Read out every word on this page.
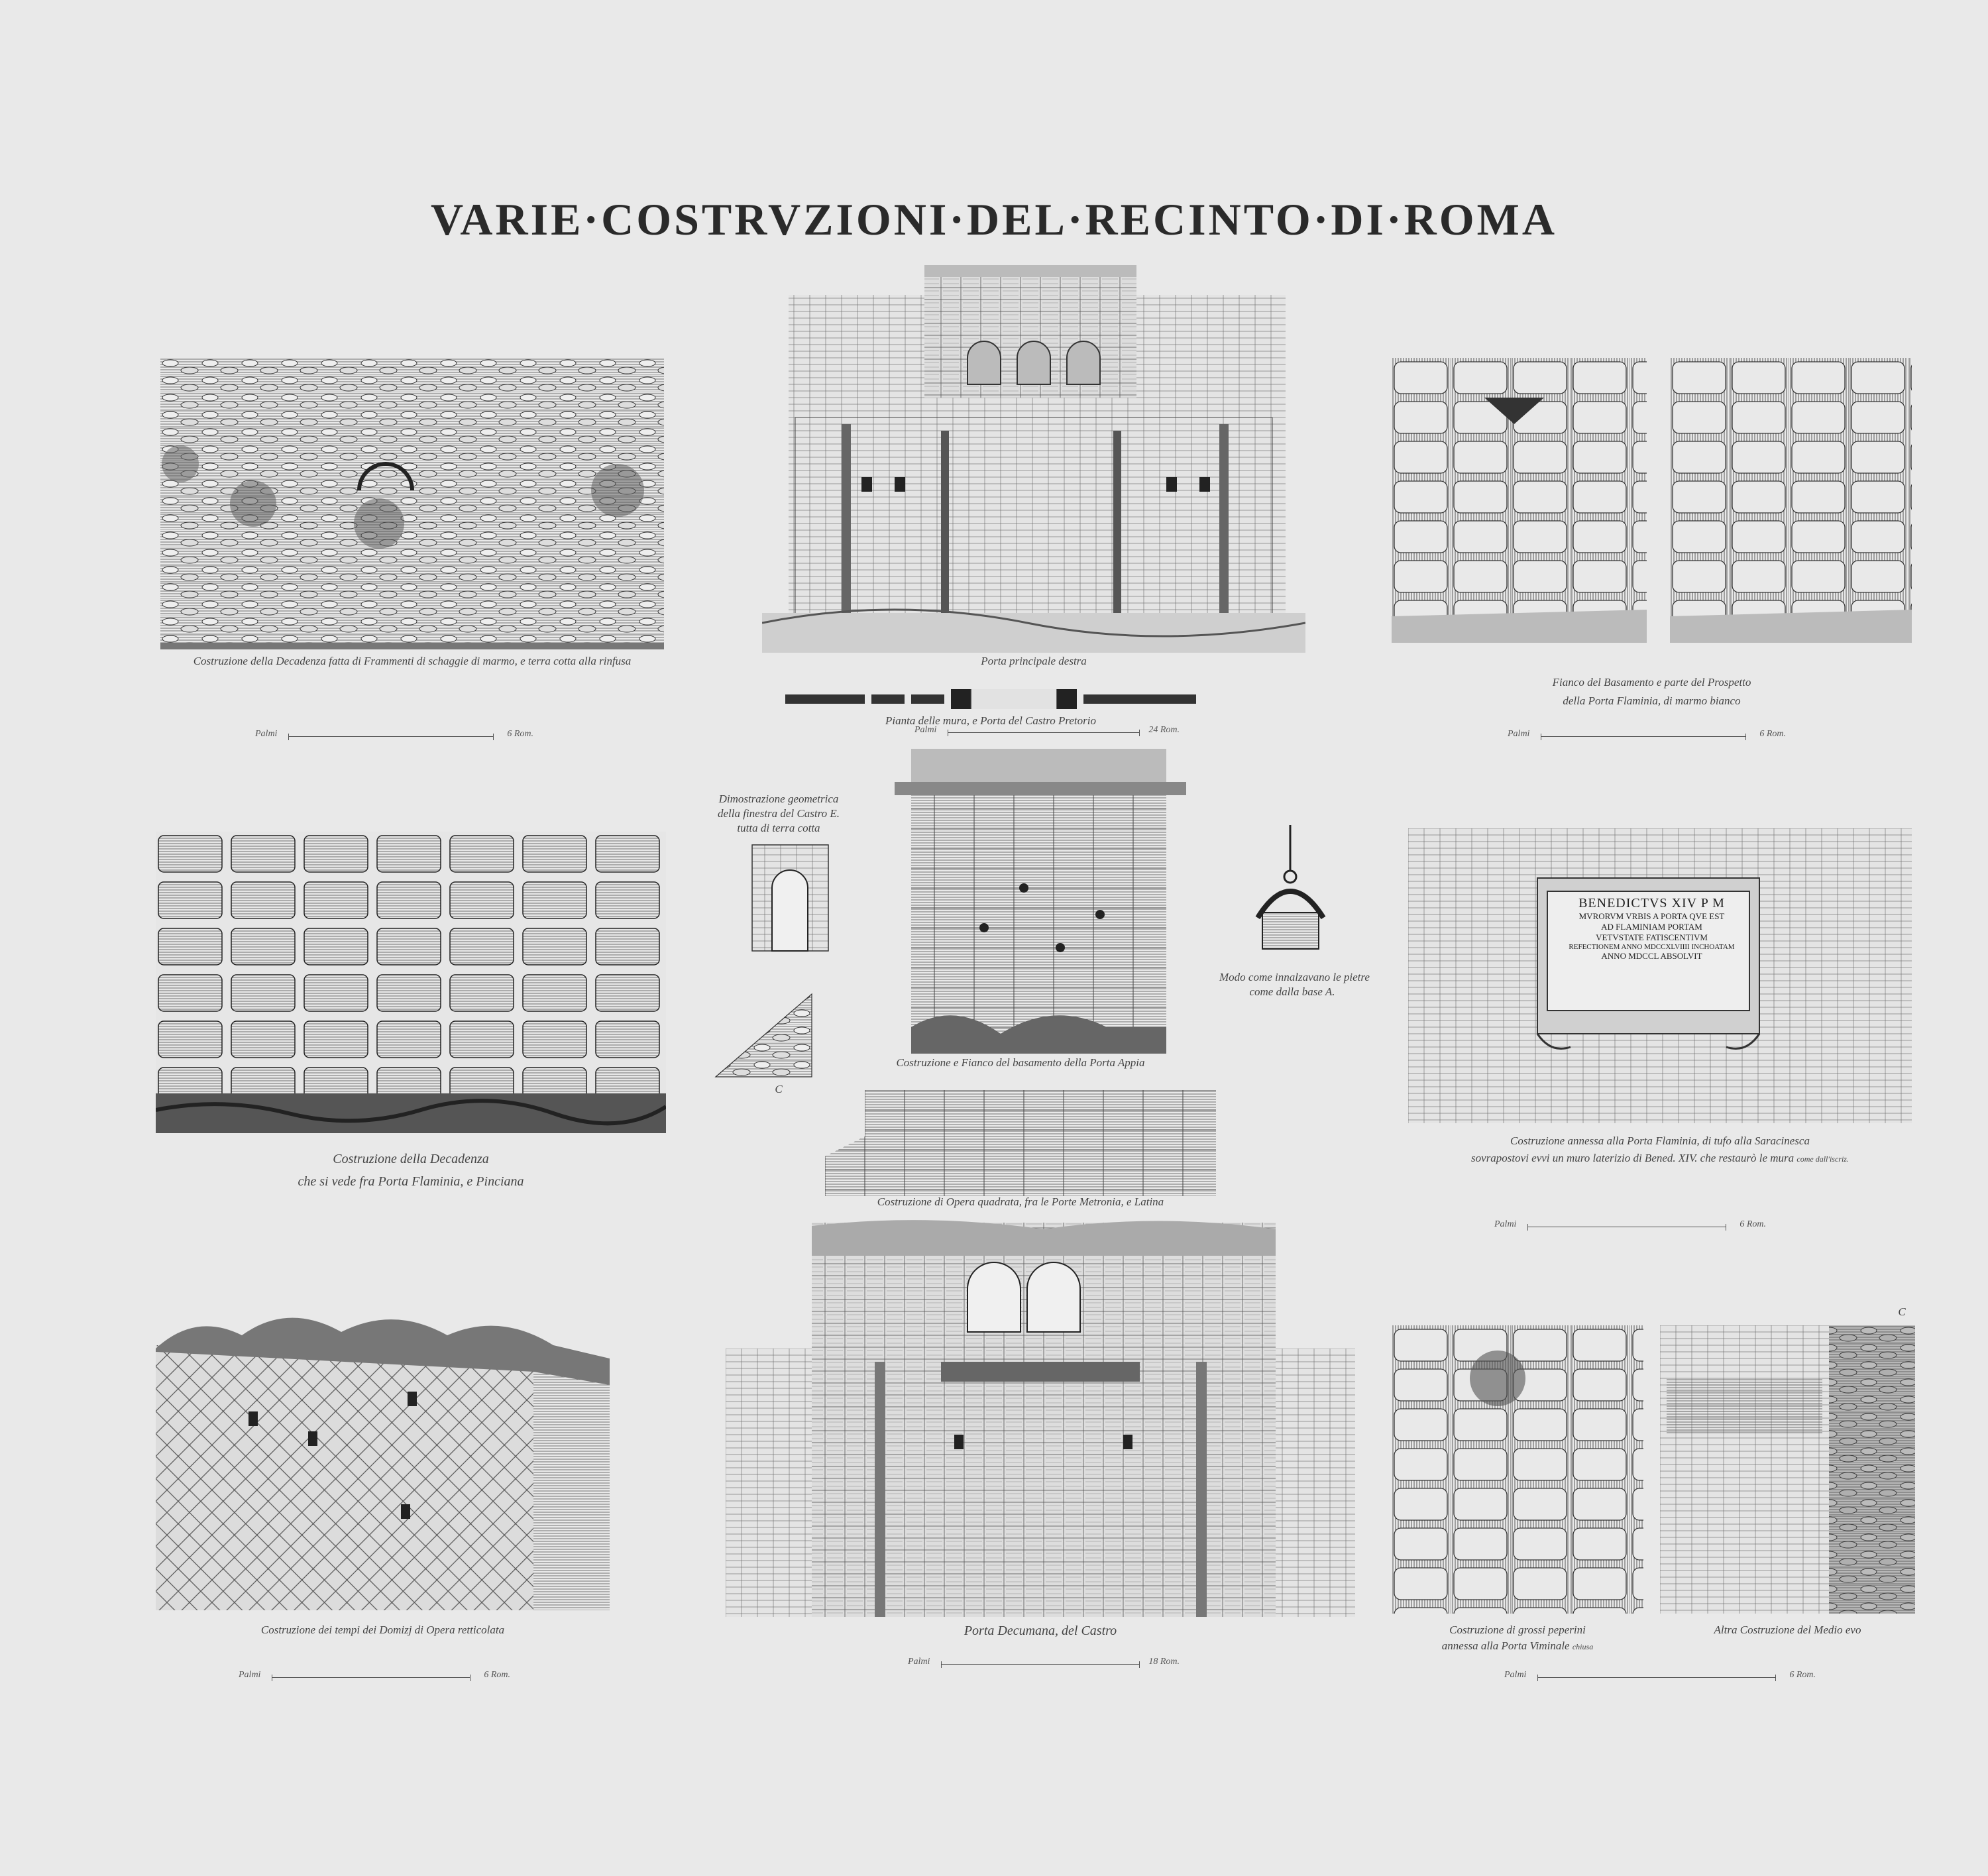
VARIE·COSTRVZIONI·DEL·RECINTO·DI·ROMA
Costruzione della Decadenza fatta di Frammenti di schaggie di marmo, e terra cotta alla rinfusa
Palmi	6 Rom.
Porta principale destra
Pianta delle mura, e Porta del Castro Pretorio
Palmi	24 Rom.
Fianco del Basamento e parte del Prospetto
della Porta Flaminia, di marmo bianco
Palmi	6 Rom.
Costruzione della Decadenza
che si vede fra Porta Flaminia, e Pinciana
Dimostrazione geometrica
della finestra del Castro E.
tutta di terra cotta
C
Costruzione e Fianco del basamento della Porta Appia
Modo come innalzavano le pietre
come dalla base A.
BENEDICTVS XIV P M
MVRORVM VRBIS A PORTA QVE EST
AD FLAMINIAM PORTAM
VETVSTATE FATISCENTIVM
REFECTIONEM ANNO MDCCXLVIIII INCHOATAM
ANNO MDCCL ABSOLVIT
Costruzione annessa alla Porta Flaminia, di tufo alla Saracinesca
sovrapostovi evvi un muro laterizio di Bened. XIV. che restaurò le mura come dall'iscriz.
Palmi	6 Rom.
Costruzione di Opera quadrata, fra le Porte Metronia, e Latina
Costruzione dei tempi dei Domizj di Opera retticolata
Palmi	6 Rom.
Porta Decumana, del Castro
Palmi	18 Rom.
C
Costruzione di grossi peperini
annessa alla Porta Viminale chiusa
Altra Costruzione del Medio evo
Palmi	6 Rom.
